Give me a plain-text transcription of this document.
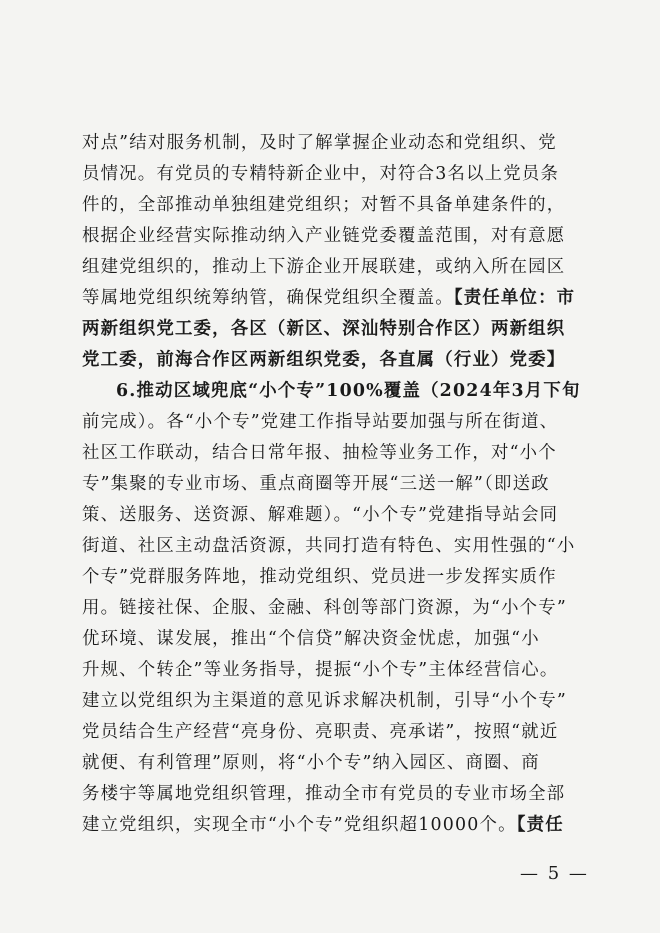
对点”结对服务机制，及时了解掌握企业动态和党组织、党
员情况。有党员的专精特新企业中，对符合3名以上党员条
件的，全部推动单独组建党组织；对暂不具备单建条件的，
根据企业经营实际推动纳入产业链党委覆盖范围，对有意愿
组建党组织的，推动上下游企业开展联建，或纳入所在园区
等属地党组织统筹纳管，确保党组织全覆盖。【责任单位：市
两新组织党工委，各区（新区、深汕特别合作区）两新组织
党工委，前海合作区两新组织党委，各直属（行业）党委】
6.推动区域兜底“小个专”100%覆盖（2024年3月下旬
前完成）。各“小个专”党建工作指导站要加强与所在街道、
社区工作联动，结合日常年报、抽检等业务工作，对“小个
专”集聚的专业市场、重点商圈等开展“三送一解”（即送政
策、送服务、送资源、解难题）。“小个专”党建指导站会同
街道、社区主动盘活资源，共同打造有特色、实用性强的“小
个专”党群服务阵地，推动党组织、党员进一步发挥实质作
用。链接社保、企服、金融、科创等部门资源，为“小个专”
优环境、谋发展，推出“个信贷”解决资金忧虑，加强“小
升规、个转企”等业务指导，提振“小个专”主体经营信心。
建立以党组织为主渠道的意见诉求解决机制，引导“小个专”
党员结合生产经营“亮身份、亮职责、亮承诺”，按照“就近
就便、有利管理”原则，将“小个专”纳入园区、商圈、商
务楼宇等属地党组织管理，推动全市有党员的专业市场全部
建立党组织，实现全市“小个专”党组织超10000个。【责任
— 5 —
